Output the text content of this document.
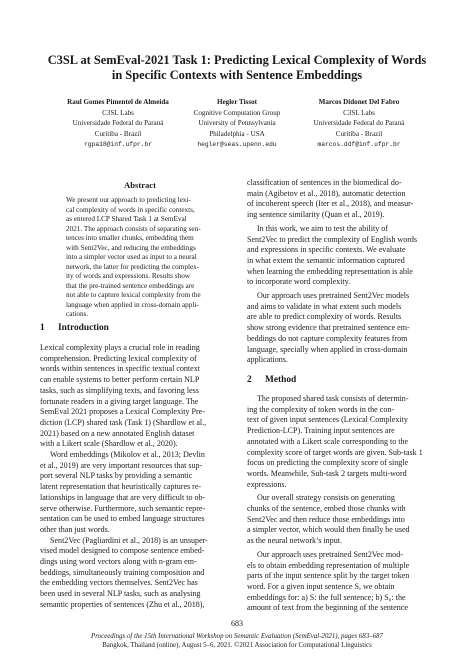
C3SL at SemEval-2021 Task 1: Predicting Lexical Complexity of Words
in Specific Contexts with Sentence Embeddings
Raul Gomes Pimentel de Almeida
C3SL Labs
Universidade Federal do Paraná
Curitiba - Brazil
rgpa18@inf.ufpr.br
Hegler Tissot
Cognitive Computation Group
University of Pennsylvania
Philadelphia - USA
hegler@seas.upenn.edu
Marcos Didonet Del Fabro
C3SL Labs
Universidade Federal do Paraná
Curitiba - Brazil
marcos.ddf@inf.ufpr.br
Abstract
We present our approach to predicting lexi-
cal complexity of words in specific contexts,
as entered LCP Shared Task 1 at SemEval
2021. The approach consists of separating sen-
tences into smaller chunks, embedding them
with Sent2Vec, and reducing the embeddings
into a simpler vector used as input to a neural
network, the latter for predicting the complex-
ity of words and expressions. Results show
that the pre-trained sentence embeddings are
not able to capture lexical complexity from the
language when applied in cross-domain appli-
cations.
1 Introduction
Lexical complexity plays a crucial role in reading
comprehension. Predicting lexical complexity of
words within sentences in specific textual context
can enable systems to better perform certain NLP
tasks, such as simplifying texts, and favoring less
fortunate readers in a giving target language. The
SemEval 2021 proposes a Lexical Complexity Pre-
diction (LCP) shared task (Task 1) (Shardlow et al.,
2021) based on a new annotated English dataset
with a Likert scale (Shardlow et al., 2020).
Word embeddings (Mikolov et al., 2013; Devlin
et al., 2019) are very important resources that sup-
port several NLP tasks by providing a semantic
latent representation that heuristically captures re-
lationships in language that are very difficult to ob-
serve otherwise. Furthermore, such semantic repre-
sentation can be used to embed language structures
other than just words.
Sent2Vec (Pagliardini et al., 2018) is an unsuper-
vised model designed to compose sentence embed-
dings using word vectors along with n-gram em-
beddings, simultaneously training composition and
the embedding vectors themselves. Sent2Vec has
been used in several NLP tasks, such as analysing
semantic properties of sentences (Zhu et al., 2018),
classification of sentences in the biomedical do-
main (Agibetov et al., 2018), automatic detection
of incoherent speech (Iter et al., 2018), and measur-
ing sentence similarity (Quan et al., 2019).
In this work, we aim to test the ability of
Sent2Vec to predict the complexity of English words
and expressions in specific contexts. We evaluate
in what extent the semantic information captured
when learning the embedding representation is able
to incorporate word complexity.
Our approach uses pretrained Sent2Vec models
and aims to validate in what extent such models
are able to predict complexity of words. Results
show strong evidence that pretrained sentence em-
beddings do not capture complexity features from
language, specially when applied in cross-domain
applications.
2 Method
The proposed shared task consists of determin-
ing the complexity of token words in the con-
text of given input sentences (Lexical Complexity
Prediction-LCP). Training input sentences are
annotated with a Likert scale corresponding to the
complexity score of target words are given. Sub-task 1
focus on predicting the complexity score of single
words. Meanwhile, Sub-task 2 targets multi-word
expressions.
Our overall strategy consists on generating
chunks of the sentence, embed those chunks with
Sent2Vec and then reduce those embeddings into
a simpler vector, which would then finally be used
as the neural network’s input.
Our approach uses pretrained Sent2Vec mod-
els to obtain embedding representation of multiple
parts of the input sentence split by the target token
word. For a given input sentence S, we obtain
embeddings for: a) S: the full sentence; b) S₀: the
amount of text from the beginning of the sentence
683
Proceedings of the 15th International Workshop on Semantic Evaluation (SemEval-2021), pages 683–687
Bangkok, Thailand (online), August 5–6, 2021. ©2021 Association for Computational Linguistics
